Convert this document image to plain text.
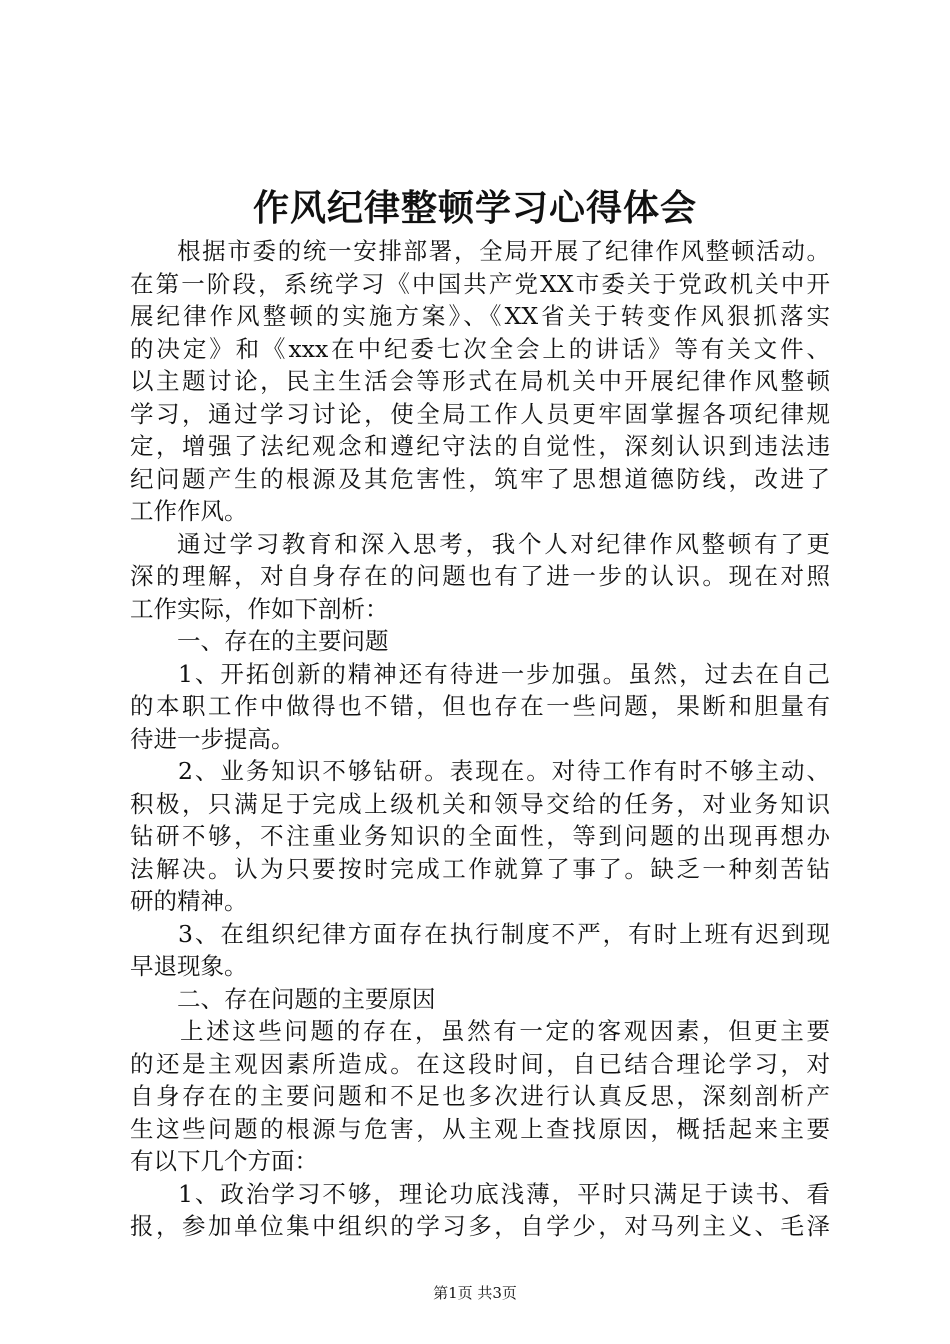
作风纪律整顿学习心得体会
根据市委的统一安排部署，全局开展了纪律作风整顿活动。
在第一阶段，系统学习《中国共产党XX市委关于党政机关中开
展纪律作风整顿的实施方案》、《XX省关于转变作风狠抓落实
的决定》和《xxx在中纪委七次全会上的讲话》等有关文件、
以主题讨论，民主生活会等形式在局机关中开展纪律作风整顿
学习，通过学习讨论，使全局工作人员更牢固掌握各项纪律规
定，增强了法纪观念和遵纪守法的自觉性，深刻认识到违法违
纪问题产生的根源及其危害性，筑牢了思想道德防线，改进了
工作作风。
通过学习教育和深入思考，我个人对纪律作风整顿有了更
深的理解，对自身存在的问题也有了进一步的认识。现在对照
工作实际，作如下剖析：
一、存在的主要问题
1、开拓创新的精神还有待进一步加强。虽然，过去在自己
的本职工作中做得也不错，但也存在一些问题，果断和胆量有
待进一步提高。
2、业务知识不够钻研。表现在。对待工作有时不够主动、
积极，只满足于完成上级机关和领导交给的任务，对业务知识
钻研不够，不注重业务知识的全面性，等到问题的出现再想办
法解决。认为只要按时完成工作就算了事了。缺乏一种刻苦钻
研的精神。
3、在组织纪律方面存在执行制度不严，有时上班有迟到现
早退现象。
二、存在问题的主要原因
上述这些问题的存在，虽然有一定的客观因素，但更主要
的还是主观因素所造成。在这段时间，自已结合理论学习，对
自身存在的主要问题和不足也多次进行认真反思，深刻剖析产
生这些问题的根源与危害，从主观上查找原因，概括起来主要
有以下几个方面：
1、政治学习不够，理论功底浅薄，平时只满足于读书、看
报，参加单位集中组织的学习多，自学少，对马列主义、毛泽
第1页 共3页
